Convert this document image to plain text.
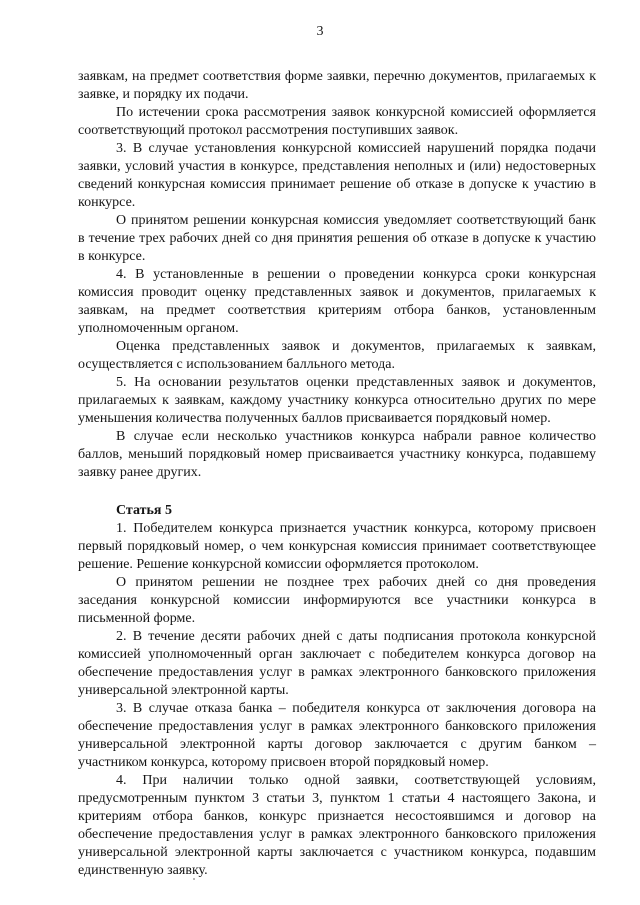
3

заявкам, на предмет соответствия форме заявки, перечню документов, прилагаемых к заявке, и порядку их подачи.

По истечении срока рассмотрения заявок конкурсной комиссией оформляется соответствующий протокол рассмотрения поступивших заявок.

3. В случае установления конкурсной комиссией нарушений порядка подачи заявки, условий участия в конкурсе, представления неполных и (или) недостоверных сведений конкурсная комиссия принимает решение об отказе в допуске к участию в конкурсе.

О принятом решении конкурсная комиссия уведомляет соответствующий банк в течение трех рабочих дней со дня принятия решения об отказе в допуске к участию в конкурсе.

4. В установленные в решении о проведении конкурса сроки конкурсная комиссия проводит оценку представленных заявок и документов, прилагаемых к заявкам, на предмет соответствия критериям отбора банков, установленным уполномоченным органом.

Оценка представленных заявок и документов, прилагаемых к заявкам, осуществляется с использованием балльного метода.

5. На основании результатов оценки представленных заявок и документов, прилагаемых к заявкам, каждому участнику конкурса относительно других по мере уменьшения количества полученных баллов присваивается порядковый номер.

В случае если несколько участников конкурса набрали равное количество баллов, меньший порядковый номер присваивается участнику конкурса, подавшему заявку ранее других.

Статья 5

1. Победителем конкурса признается участник конкурса, которому присвоен первый порядковый номер, о чем конкурсная комиссия принимает соответствующее решение. Решение конкурсной комиссии оформляется протоколом.

О принятом решении не позднее трех рабочих дней со дня проведения заседания конкурсной комиссии информируются все участники конкурса в письменной форме.

2. В течение десяти рабочих дней с даты подписания протокола конкурсной комиссией уполномоченный орган заключает с победителем конкурса договор на обеспечение предоставления услуг в рамках электронного банковского приложения универсальной электронной карты.

3. В случае отказа банка – победителя конкурса от заключения договора на обеспечение предоставления услуг в рамках электронного банковского приложения универсальной электронной карты договор заключается с другим банком – участником конкурса, которому присвоен второй порядковый номер.

4. При наличии только одной заявки, соответствующей условиям, предусмотренным пунктом 3 статьи 3, пунктом 1 статьи 4 настоящего Закона, и критериям отбора банков, конкурс признается несостоявшимся и договор на обеспечение предоставления услуг в рамках электронного банковского приложения универсальной электронной карты заключается с участником конкурса, подавшим единственную заявку.
